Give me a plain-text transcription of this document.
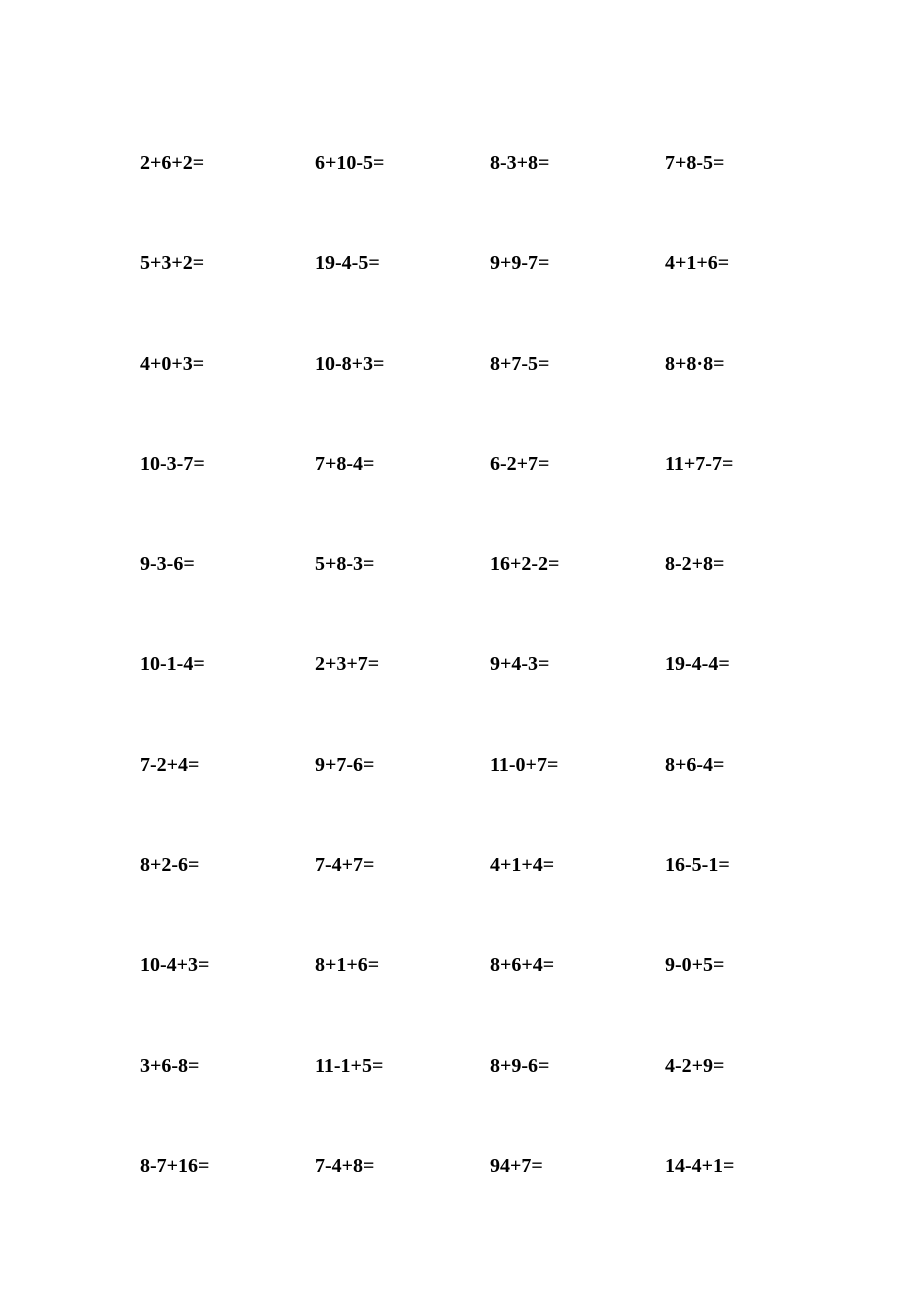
2+6+2=	6+10-5=	8-3+8=	7+8-5=
5+3+2=	19-4-5=	9+9-7=	4+1+6=
4+0+3=	10-8+3=	8+7-5=	8+8·8=
10-3-7=	7+8-4=	6-2+7=	11+7-7=
9-3-6=	5+8-3=	16+2-2=	8-2+8=
10-1-4=	2+3+7=	9+4-3=	19-4-4=
7-2+4=	9+7-6=	11-0+7=	8+6-4=
8+2-6=	7-4+7=	4+1+4=	16-5-1=
10-4+3=	8+1+6=	8+6+4=	9-0+5=
3+6-8=	11-1+5=	8+9-6=	4-2+9=
8-7+16=	7-4+8=	94+7=	14-4+1=
